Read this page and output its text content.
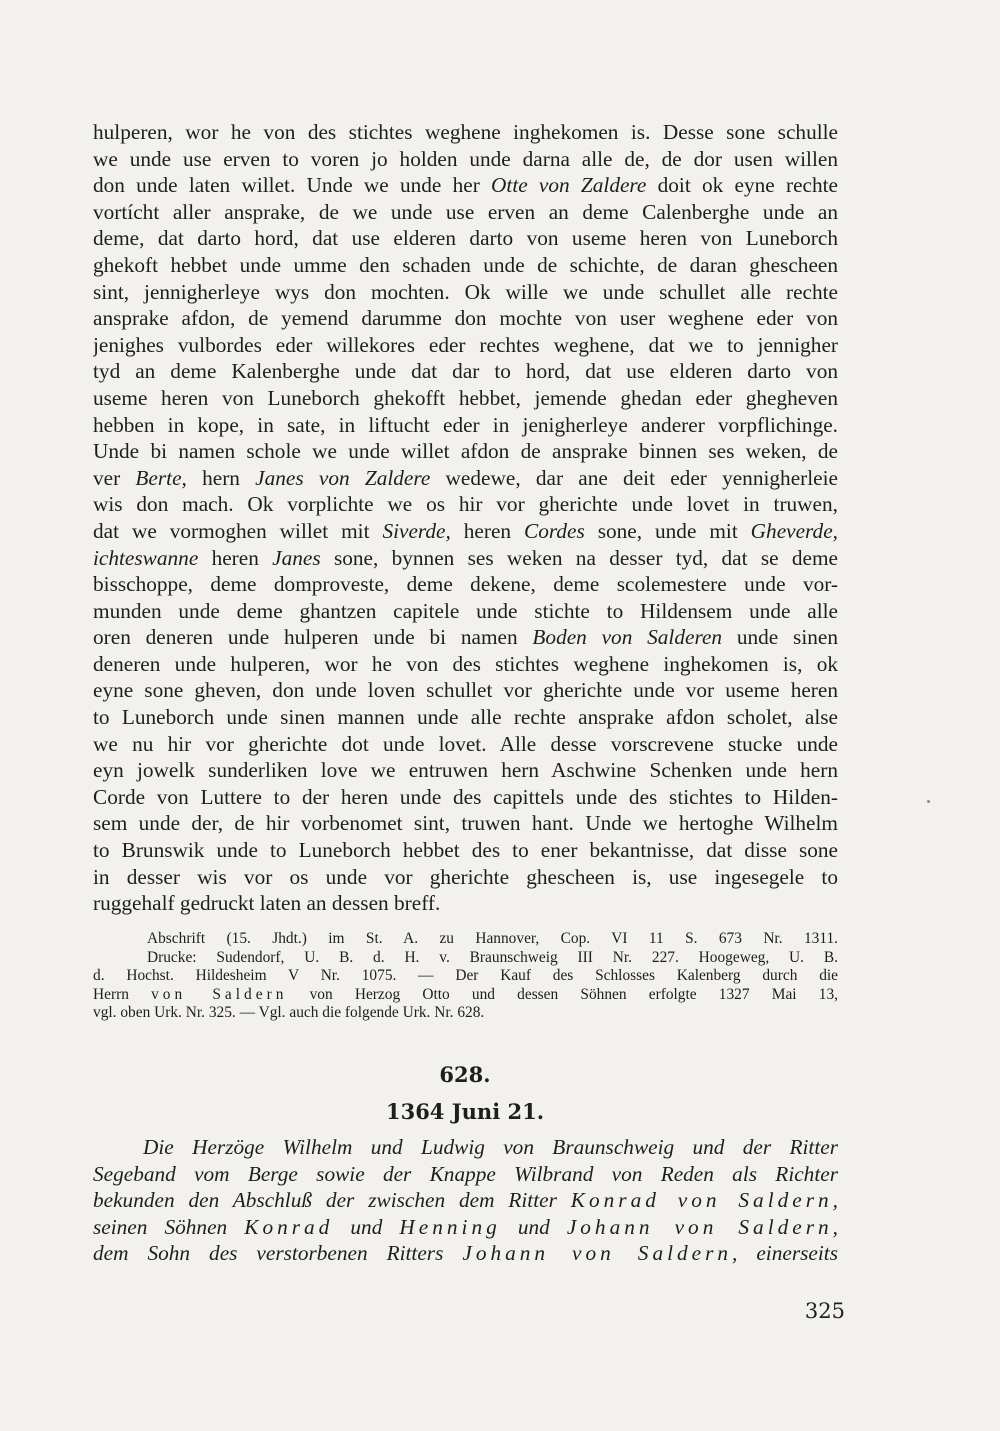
hulperen, wor he von des stichtes weghene inghekomen is. Desse sone schulle
we unde use erven to voren jo holden unde darna alle de, de dor usen willen
don unde laten willet. Unde we unde her Otte von Zaldere doit ok eyne rechte
vortícht aller ansprake, de we unde use erven an deme Calenberghe unde an
deme, dat darto hord, dat use elderen darto von useme heren von Luneborch
ghekoft hebbet unde umme den schaden unde de schichte, de daran ghescheen
sint, jennigherleye wys don mochten. Ok wille we unde schullet alle rechte
ansprake afdon, de yemend darumme don mochte von user weghene eder von
jenighes vulbordes eder willekores eder rechtes weghene, dat we to jennigher
tyd an deme Kalenberghe unde dat dar to hord, dat use elderen darto von
useme heren von Luneborch ghekofft hebbet, jemende ghedan eder ghegheven
hebben in kope, in sate, in liftucht eder in jenigherleye anderer vorpflichinge.
Unde bi namen schole we unde willet afdon de ansprake binnen ses weken, de
ver Berte, hern Janes von Zaldere wedewe, dar ane deit eder yennigherleie
wis don mach. Ok vorplichte we os hir vor gherichte unde lovet in truwen,
dat we vormoghen willet mit Siverde, heren Cordes sone, unde mit Gheverde,
ichteswanne heren Janes sone, bynnen ses weken na desser tyd, dat se deme
bisschoppe, deme domproveste, deme dekene, deme scolemestere unde vor-
munden unde deme ghantzen capitele unde stichte to Hildensem unde alle
oren deneren unde hulperen unde bi namen Boden von Salderen unde sinen
deneren unde hulperen, wor he von des stichtes weghene inghekomen is, ok
eyne sone gheven, don unde loven schullet vor gherichte unde vor useme heren
to Luneborch unde sinen mannen unde alle rechte ansprake afdon scholet, alse
we nu hir vor gherichte dot unde lovet. Alle desse vorscrevene stucke unde
eyn jowelk sunderliken love we entruwen hern Aschwine Schenken unde hern
Corde von Luttere to der heren unde des capittels unde des stichtes to Hilden-
sem unde der, de hir vorbenomet sint, truwen hant. Unde we hertoghe Wilhelm
to Brunswik unde to Luneborch hebbet des to ener bekantnisse, dat disse sone
in desser wis vor os unde vor gherichte ghescheen is, use ingesegele to
ruggehalf gedruckt laten an dessen breff.
Abschrift (15. Jhdt.) im St. A. zu Hannover, Cop. VI 11 S. 673 Nr. 1311.
Drucke: Sudendorf, U. B. d. H. v. Braunschweig III Nr. 227. Hoogeweg, U. B.
d. Hochst. Hildesheim V Nr. 1075. — Der Kauf des Schlosses Kalenberg durch die
Herrn von Saldern von Herzog Otto und dessen Söhnen erfolgte 1327 Mai 13,
vgl. oben Urk. Nr. 325. — Vgl. auch die folgende Urk. Nr. 628.
628.
1364 Juni 21.
Die Herzöge Wilhelm und Ludwig von Braunschweig und der Ritter
Segeband vom Berge sowie der Knappe Wilbrand von Reden als Richter
bekunden den Abschluß der zwischen dem Ritter Konrad von Saldern,
seinen Söhnen Konrad und Henning und Johann von Saldern,
dem Sohn des verstorbenen Ritters Johann von Saldern, einerseits
325
